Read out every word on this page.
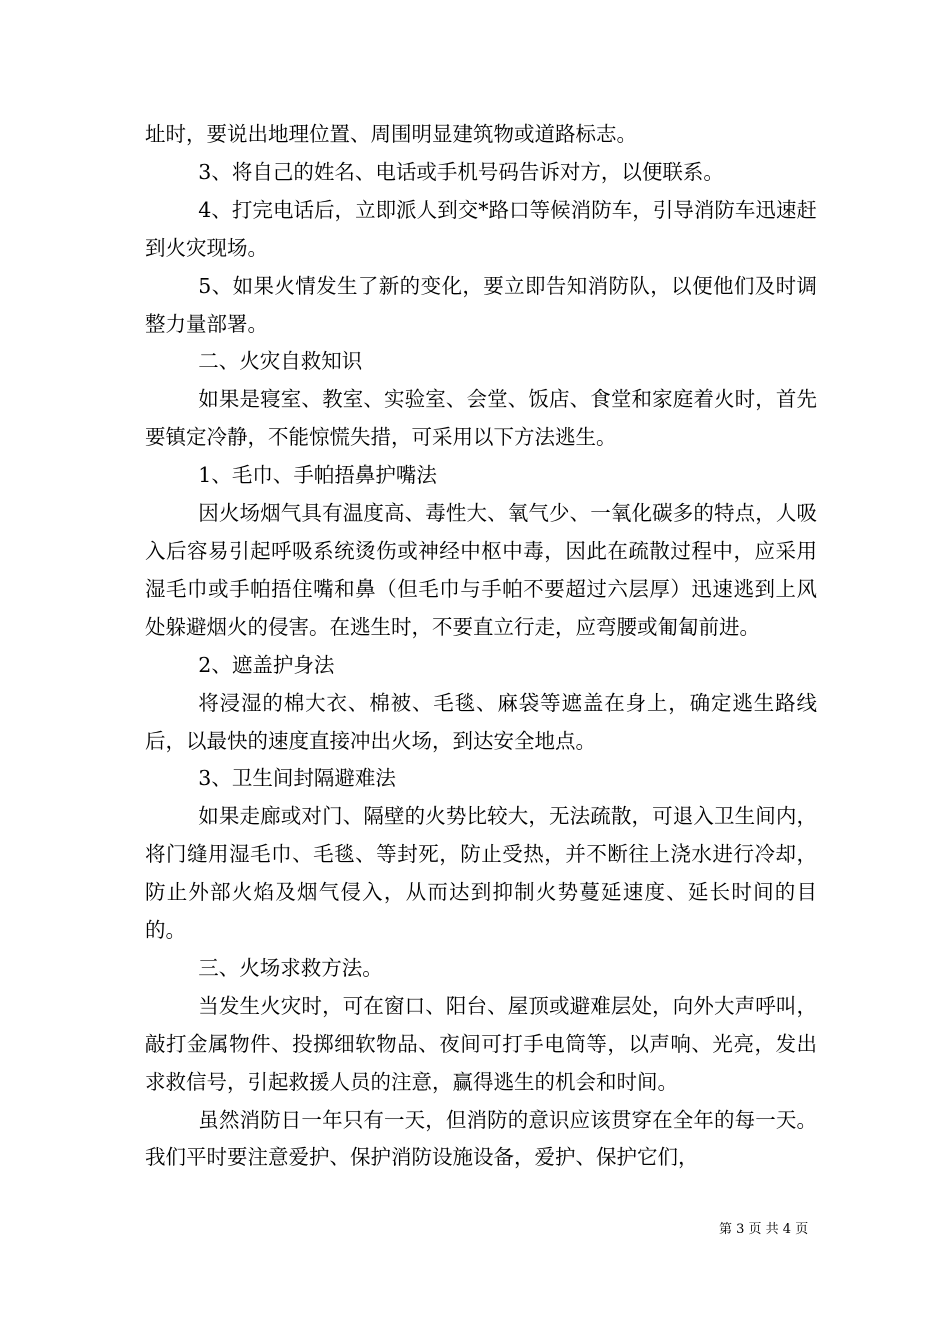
址时，要说出地理位置、周围明显建筑物或道路标志。

3、将自己的姓名、电话或手机号码告诉对方，以便联系。

4、打完电话后，立即派人到交*路口等候消防车，引导消防车迅速赶到火灾现场。

5、如果火情发生了新的变化，要立即告知消防队，以便他们及时调整力量部署。

二、火灾自救知识

如果是寝室、教室、实验室、会堂、饭店、食堂和家庭着火时，首先要镇定冷静，不能惊慌失措，可采用以下方法逃生。

1、毛巾、手帕捂鼻护嘴法

因火场烟气具有温度高、毒性大、氧气少、一氧化碳多的特点，人吸入后容易引起呼吸系统烫伤或神经中枢中毒，因此在疏散过程中，应采用湿毛巾或手帕捂住嘴和鼻（但毛巾与手帕不要超过六层厚）迅速逃到上风处躲避烟火的侵害。在逃生时，不要直立行走，应弯腰或匍匐前进。

2、遮盖护身法

将浸湿的棉大衣、棉被、毛毯、麻袋等遮盖在身上，确定逃生路线后，以最快的速度直接冲出火场，到达安全地点。

3、卫生间封隔避难法

如果走廊或对门、隔壁的火势比较大，无法疏散，可退入卫生间内，将门缝用湿毛巾、毛毯、等封死，防止受热，并不断往上浇水进行冷却，防止外部火焰及烟气侵入，从而达到抑制火势蔓延速度、延长时间的目的。

三、火场求救方法。

当发生火灾时，可在窗口、阳台、屋顶或避难层处，向外大声呼叫，敲打金属物件、投掷细软物品、夜间可打手电筒等，以声响、光亮，发出求救信号，引起救援人员的注意，赢得逃生的机会和时间。

虽然消防日一年只有一天，但消防的意识应该贯穿在全年的每一天。我们平时要注意爱护、保护消防设施设备，爱护、保护它们，

第 3 页 共 4 页
